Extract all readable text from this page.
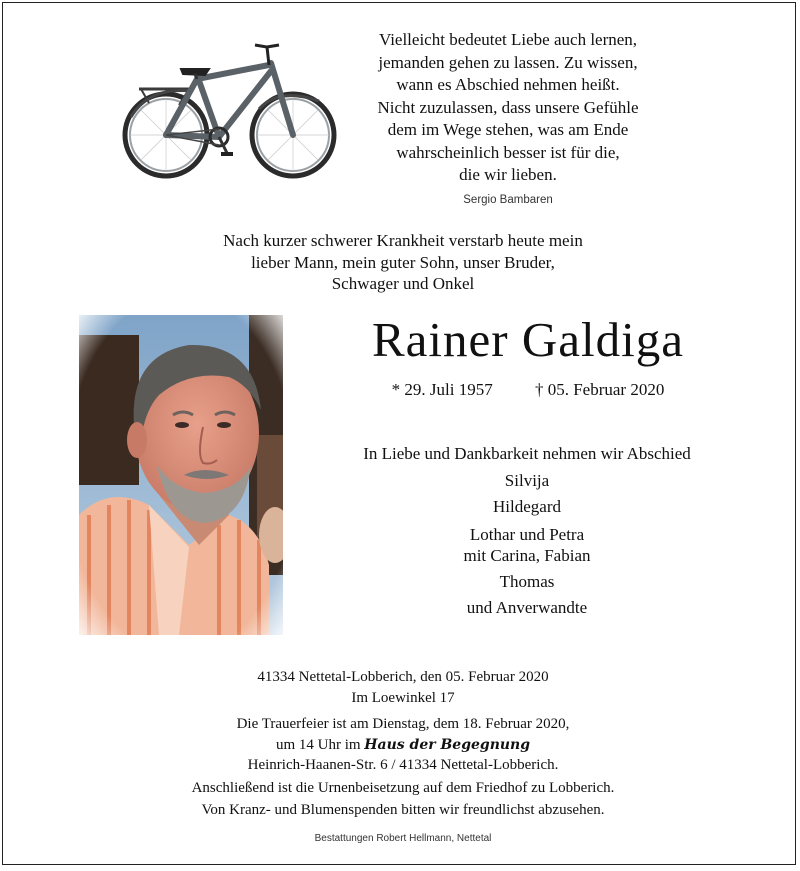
Vielleicht bedeutet Liebe auch lernen,
jemanden gehen zu lassen. Zu wissen,
wann es Abschied nehmen heißt.
Nicht zuzulassen, dass unsere Gefühle
dem im Wege stehen, was am Ende
wahrscheinlich besser ist für die,
die wir lieben.
Sergio Bambaren
Nach kurzer schwerer Krankheit verstarb heute mein
lieber Mann, mein guter Sohn, unser Bruder,
Schwager und Onkel
Rainer Galdiga
* 29. Juli 1957 † 05. Februar 2020
In Liebe und Dankbarkeit nehmen wir Abschied
Silvija
Hildegard
Lothar und Petra
mit Carina, Fabian
Thomas
und Anverwandte
41334 Nettetal-Lobberich, den 05. Februar 2020
Im Loewinkel 17
Die Trauerfeier ist am Dienstag, dem 18. Februar 2020,
um 14 Uhr im Haus der Begegnung
Heinrich-Haanen-Str. 6 / 41334 Nettetal-Lobberich.
Anschließend ist die Urnenbeisetzung auf dem Friedhof zu Lobberich.
Von Kranz- und Blumenspenden bitten wir freundlichst abzusehen.
Bestattungen Robert Hellmann, Nettetal
